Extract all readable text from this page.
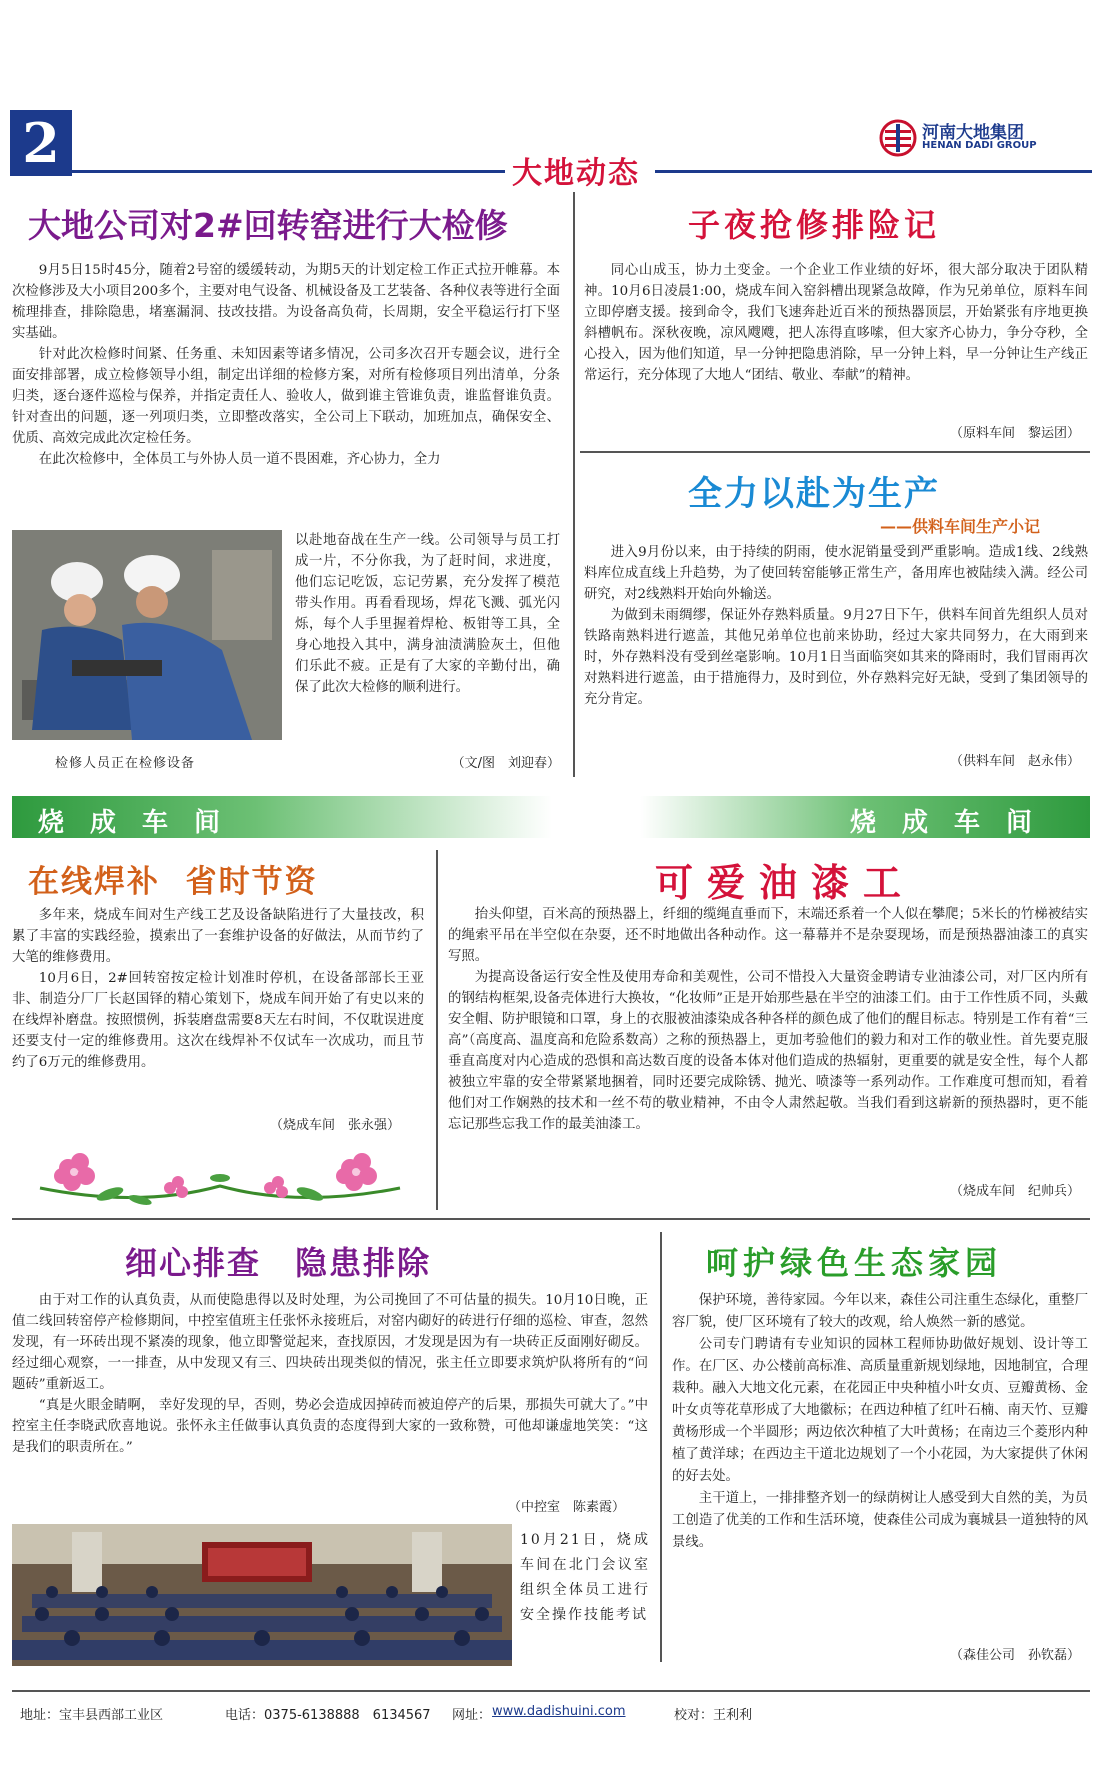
2	大地动态
河南大地集团
HENAN DADI GROUP
大地公司对2#回转窑进行大检修

9月5日15时45分，随着2号窑的缓缓转动，为期5天的计划定检工作正式拉开帷幕。本次检修涉及大小项目200多个，主要对电气设备、机械设备及工艺装备、各种仪表等进行全面梳理排查，排除隐患，堵塞漏洞、技改技措。为设备高负荷，长周期，安全平稳运行打下坚实基础。

针对此次检修时间紧、任务重、未知因素等诸多情况，公司多次召开专题会议，进行全面安排部署，成立检修领导小组，制定出详细的检修方案，对所有检修项目列出清单，分条归类，逐台逐件巡检与保养，并指定责任人、验收人，做到谁主管谁负责，谁监督谁负责。针对查出的问题，逐一列项归类，立即整改落实，全公司上下联动，加班加点，确保安全、优质、高效完成此次定检任务。

在此次检修中，全体员工与外协人员一道不畏困难，齐心协力，全力

以赴地奋战在生产一线。公司领导与员工打成一片，不分你我，为了赶时间，求进度，他们忘记吃饭，忘记劳累，充分发挥了模范带头作用。再看看现场，焊花飞溅、弧光闪烁，每个人手里握着焊枪、板钳等工具，全身心地投入其中，满身油渍满脸灰土，但他们乐此不疲。正是有了大家的辛勤付出，确保了此次大检修的顺利进行。

检修人员正在检修设备	（文/图　刘迎春）
子夜抢修排险记

同心山成玉，协力土变金。一个企业工作业绩的好坏，很大部分取决于团队精神。10月6日凌晨1:00，烧成车间入窑斜槽出现紧急故障，作为兄弟单位，原料车间立即停磨支援。接到命令，我们飞速奔赴近百米的预热器顶层，开始紧张有序地更换斜槽帆布。深秋夜晚，凉风飕飕，把人冻得直哆嗦，但大家齐心协力，争分夺秒，全心投入，因为他们知道，早一分钟把隐患消除，早一分钟上料，早一分钟让生产线正常运行，充分体现了大地人“团结、敬业、奉献”的精神。

（原料车间　黎运团）
全力以赴为生产
——供料车间生产小记

进入9月份以来，由于持续的阴雨，使水泥销量受到严重影响。造成1线、2线熟料库位成直线上升趋势，为了使回转窑能够正常生产，备用库也被陆续入满。经公司研究，对2线熟料开始向外输送。

为做到未雨绸缪，保证外存熟料质量。9月27日下午，供料车间首先组织人员对铁路南熟料进行遮盖，其他兄弟单位也前来协助，经过大家共同努力，在大雨到来时，外存熟料没有受到丝毫影响。10月1日当面临突如其来的降雨时，我们冒雨再次对熟料进行遮盖，由于措施得力，及时到位，外存熟料完好无缺，受到了集团领导的充分肯定。

（供料车间　赵永伟）
烧成车间	烧成车间
在线焊补  省时节资

多年来，烧成车间对生产线工艺及设备缺陷进行了大量技改，积累了丰富的实践经验，摸索出了一套维护设备的好做法，从而节约了大笔的维修费用。

10月6日，2#回转窑按定检计划准时停机，在设备部部长王亚非、制造分厂厂长赵国铎的精心策划下，烧成车间开始了有史以来的在线焊补磨盘。按照惯例，拆装磨盘需要8天左右时间，不仅耽误进度还要支付一定的维修费用。这次在线焊补不仅试车一次成功，而且节约了6万元的维修费用。

（烧成车间　张永强）
可爱油漆工

抬头仰望，百米高的预热器上，纤细的缆绳直垂而下，末端还系着一个人似在攀爬；5米长的竹梯被结实的绳索平吊在半空似在杂耍，还不时地做出各种动作。这一幕幕并不是杂耍现场，而是预热器油漆工的真实写照。

为提高设备运行安全性及使用寿命和美观性，公司不惜投入大量资金聘请专业油漆公司，对厂区内所有的钢结构框架,设备壳体进行大换妆，“化妆师”正是开始那些悬在半空的油漆工们。由于工作性质不同，头戴安全帽、防护眼镜和口罩，身上的衣服被油漆染成各种各样的颜色成了他们的醒目标志。特别是工作有着“三高”（高度高、温度高和危险系数高）之称的预热器上，更加考验他们的毅力和对工作的敬业性。首先要克服垂直高度对内心造成的恐惧和高达数百度的设备本体对他们造成的热辐射，更重要的就是安全性，每个人都被独立牢靠的安全带紧紧地捆着，同时还要完成除锈、抛光、喷漆等一系列动作。工作难度可想而知，看着他们对工作娴熟的技术和一丝不苟的敬业精神，不由令人肃然起敬。当我们看到这崭新的预热器时，更不能忘记那些忘我工作的最美油漆工。

（烧成车间　纪帅兵）
细心排查　隐患排除

由于对工作的认真负责，从而使隐患得以及时处理，为公司挽回了不可估量的损失。10月10日晚，正值二线回转窑停产检修期间，中控室值班主任张怀永接班后，对窑内砌好的砖进行仔细的巡检、审查，忽然发现，有一环砖出现不紧凑的现象，他立即警觉起来，查找原因，才发现是因为有一块砖正反面刚好砌反。经过细心观察，一一排查，从中发现又有三、四块砖出现类似的情况，张主任立即要求筑炉队将所有的“问题砖”重新返工。

“真是火眼金睛啊， 幸好发现的早，否则，势必会造成因掉砖而被迫停产的后果，那损失可就大了。”中控室主任李晓武欣喜地说。张怀永主任做事认真负责的态度得到大家的一致称赞，可他却谦虚地笑笑：“这是我们的职责所在。”

（中控室　陈素霞）
10月21日，烧成车间在北门会议室组织全体员工进行安全操作技能考试
呵护绿色生态家园

保护环境，善待家园。今年以来，森佳公司注重生态绿化，重整厂容厂貌，使厂区环境有了较大的改观，给人焕然一新的感觉。

公司专门聘请有专业知识的园林工程师协助做好规划、设计等工作。在厂区、办公楼前高标准、高质量重新规划绿地，因地制宜，合理栽种。融入大地文化元素，在花园正中央种植小叶女贞、豆瓣黄杨、金叶女贞等花草形成了大地徽标；在西边种植了红叶石楠、南天竹、豆瓣黄杨形成一个半圆形；两边依次种植了大叶黄杨；在南边三个菱形内种植了黄洋球；在西边主干道北边规划了一个小花园，为大家提供了休闲的好去处。

主干道上，一排排整齐划一的绿荫树让人感受到大自然的美，为员工创造了优美的工作和生活环境，使森佳公司成为襄城县一道独特的风景线。

（森佳公司　孙钦磊）
地址：宝丰县西部工业区	电话：0375-6138888　6134567 网址： www.dadishuini.com	校对：王利利
